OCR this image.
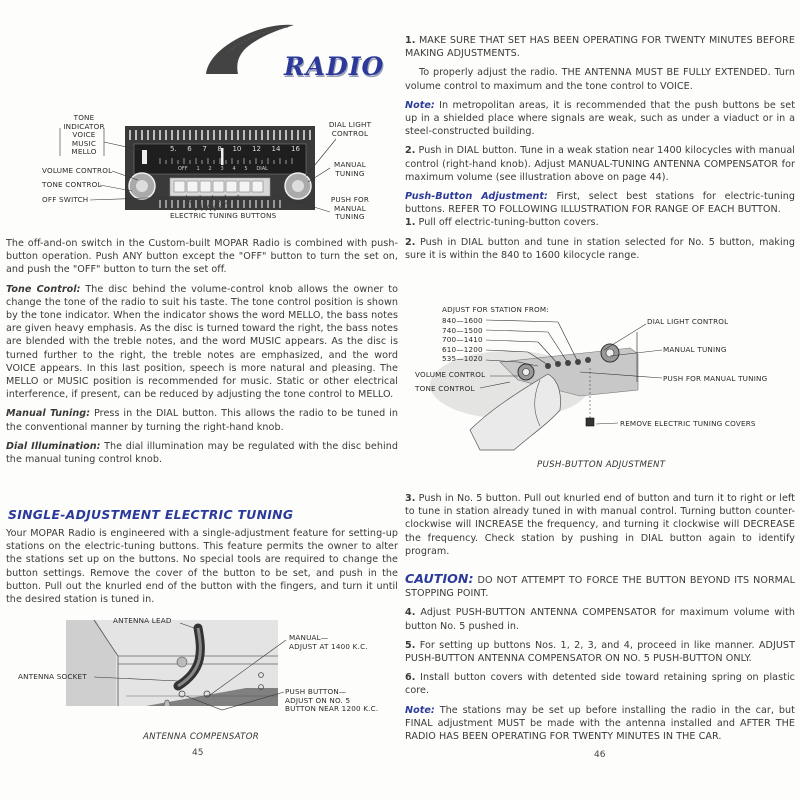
RADIO
5. 6 7 8 10 12 14 16
OFF 1 2 3 4 5 DIAL
TONE
INDICATOR
VOICE
MUSIC
MELLO
VOLUME CONTROL
TONE CONTROL
OFF SWITCH
DIAL LIGHT
CONTROL
MANUAL
TUNING
PUSH FOR
MANUAL
TUNING
ELECTRIC TUNING BUTTONS

The off-and-on switch in the Custom-built MOPAR Radio is combined with push-button operation. Push ANY button except the "OFF" button to turn the set on, and push the "OFF" button to turn the set off.

Tone Control: The disc behind the volume-control knob allows the owner to change the tone of the radio to suit his taste. The tone control position is shown by the tone indicator. When the indicator shows the word MELLO, the bass notes are given heavy emphasis. As the disc is turned toward the right, the bass notes are blended with the treble notes, and the word MUSIC appears. As the disc is turned further to the right, the treble notes are emphasized, and the word VOICE appears. In this last position, speech is more natural and pleasing. The MELLO or MUSIC position is recommended for music. Static or other electrical interference, if present, can be reduced by adjusting the tone control to MELLO.

Manual Tuning: Press in the DIAL button. This allows the radio to be tuned in the conventional manner by turning the right-hand knob.

Dial Illumination: The dial illumination may be regulated with the disc behind the manual tuning control knob.

SINGLE-ADJUSTMENT ELECTRIC TUNING
Your MOPAR Radio is engineered with a single-adjustment feature for setting-up stations on the electric-tuning buttons. This feature permits the owner to alter the stations set up on the buttons. No special tools are required to change the button settings. Remove the cover of the button to be set, and push in the button. Pull out the knurled end of the button with the fingers, and turn it until the desired station is tuned in.
ANTENNA LEAD
ANTENNA SOCKET
MANUAL—
ADJUST AT 1400 K.C.
PUSH BUTTON—
ADJUST ON NO. 5
BUTTON NEAR 1200 K.C.
ANTENNA COMPENSATOR
45

1. MAKE SURE THAT SET HAS BEEN OPERATING FOR TWENTY MINUTES BEFORE MAKING ADJUSTMENTS.

To properly adjust the radio. THE ANTENNA MUST BE FULLY EXTENDED. Turn volume control to maximum and the tone control to VOICE.

Note: In metropolitan areas, it is recommended that the push buttons be set up in a shielded place where signals are weak, such as under a viaduct or in a steel-constructed building.

2. Push in DIAL button. Tune in a weak station near 1400 kilocycles with manual control (right-hand knob). Adjust MANUAL-TUNING ANTENNA COMPENSATOR for maximum volume (see illustration above on page 44).

Push-Button Adjustment: First, select best stations for electric-tuning buttons. REFER TO FOLLOWING ILLUSTRATION FOR RANGE OF EACH BUTTON.

1. Pull off electric-tuning-button covers.

2. Push in DIAL button and tune in station selected for No. 5 button, making sure it is within the 840 to 1600 kilocycle range.

ADJUST FOR STATION FROM:
840—1600
740—1500
700—1410
610—1200
535—1020
VOLUME CONTROL
TONE CONTROL
DIAL LIGHT CONTROL
MANUAL TUNING
PUSH FOR MANUAL TUNING
REMOVE ELECTRIC TUNING COVERS
PUSH-BUTTON ADJUSTMENT

3. Push in No. 5 button. Pull out knurled end of button and turn it to right or left to tune in station already tuned in with manual control. Turning button counter-clockwise will INCREASE the frequency, and turning it clockwise will DECREASE the frequency. Check station by pushing in DIAL button again to identify program.

CAUTION: DO NOT ATTEMPT TO FORCE THE BUTTON BEYOND ITS NORMAL STOPPING POINT.

4. Adjust PUSH-BUTTON ANTENNA COMPENSATOR for maximum volume with button No. 5 pushed in.

5. For setting up buttons Nos. 1, 2, 3, and 4, proceed in like manner. ADJUST PUSH-BUTTON ANTENNA COMPENSATOR ON NO. 5 PUSH-BUTTON ONLY.

6. Install button covers with detented side toward retaining spring on plastic core.

Note: The stations may be set up before installing the radio in the car, but FINAL adjustment MUST be made with the antenna installed and AFTER THE RADIO HAS BEEN OPERATING FOR TWENTY MINUTES IN THE CAR.

46
